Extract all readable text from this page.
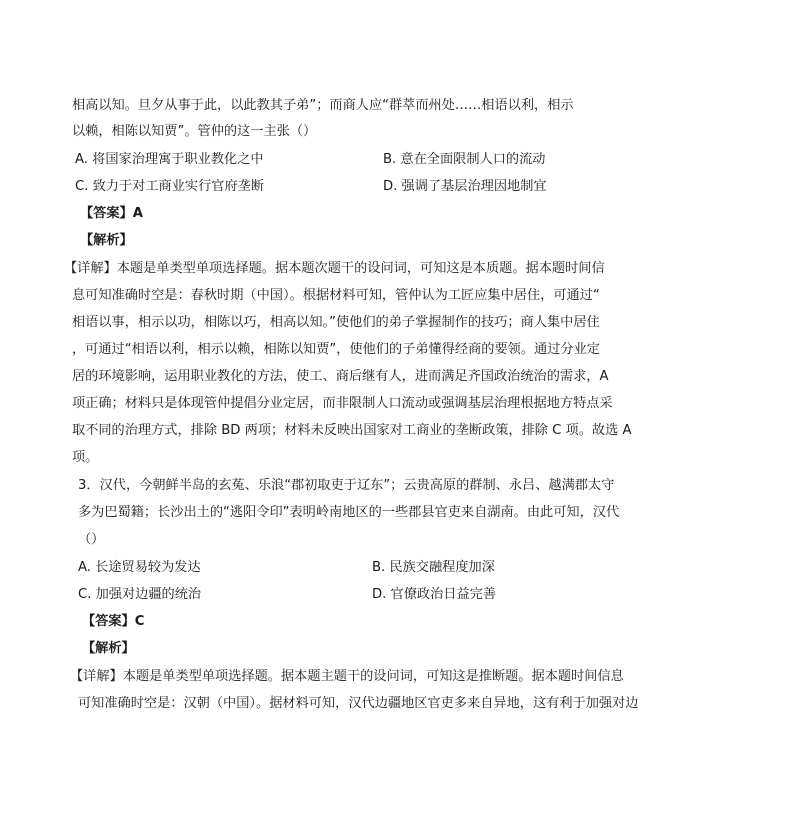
相高以知。旦夕从事于此，以此教其子弟”；而商人应“群萃而州处……相语以利，相示
以赖，相陈以知贾”。管仲的这一主张（）
A. 将国家治理寓于职业教化之中	B. 意在全面限制人口的流动
C. 致力于对工商业实行官府垄断	D. 强调了基层治理因地制宜
【答案】A
【解析】
【详解】本题是单类型单项选择题。据本题次题干的设问词，可知这是本质题。据本题时间信
息可知准确时空是：春秋时期（中国）。根据材料可知，管仲认为工匠应集中居住，可通过“
相语以事，相示以功，相陈以巧，相高以知。”使他们的弟子掌握制作的技巧；商人集中居住
，可通过“相语以利，相示以赖，相陈以知贾”，使他们的子弟懂得经商的要领。通过分业定
居的环境影响，运用职业教化的方法，使工、商后继有人，进而满足齐国政治统治的需求，A
项正确；材料只是体现管仲提倡分业定居，而非限制人口流动或强调基层治理根据地方特点采
取不同的治理方式，排除 BD 两项；材料未反映出国家对工商业的垄断政策，排除 C 项。故选 A
项。
3．汉代，今朝鲜半岛的玄菟、乐浪“郡初取吏于辽东”；云贵高原的群制、永吕、越满郡太守
多为巴蜀籍；长沙出土的“逃阳令印”表明岭南地区的一些郡县官吏来自湖南。由此可知，汉代
（）
A. 长途贸易较为发达	B. 民族交融程度加深
C. 加强对边疆的统治	D. 官僚政治日益完善
【答案】C
【解析】
【详解】本题是单类型单项选择题。据本题主题干的设问词，可知这是推断题。据本题时间信息
可知准确时空是：汉朝（中国）。据材料可知，汉代边疆地区官吏多来自异地，这有利于加强对边
